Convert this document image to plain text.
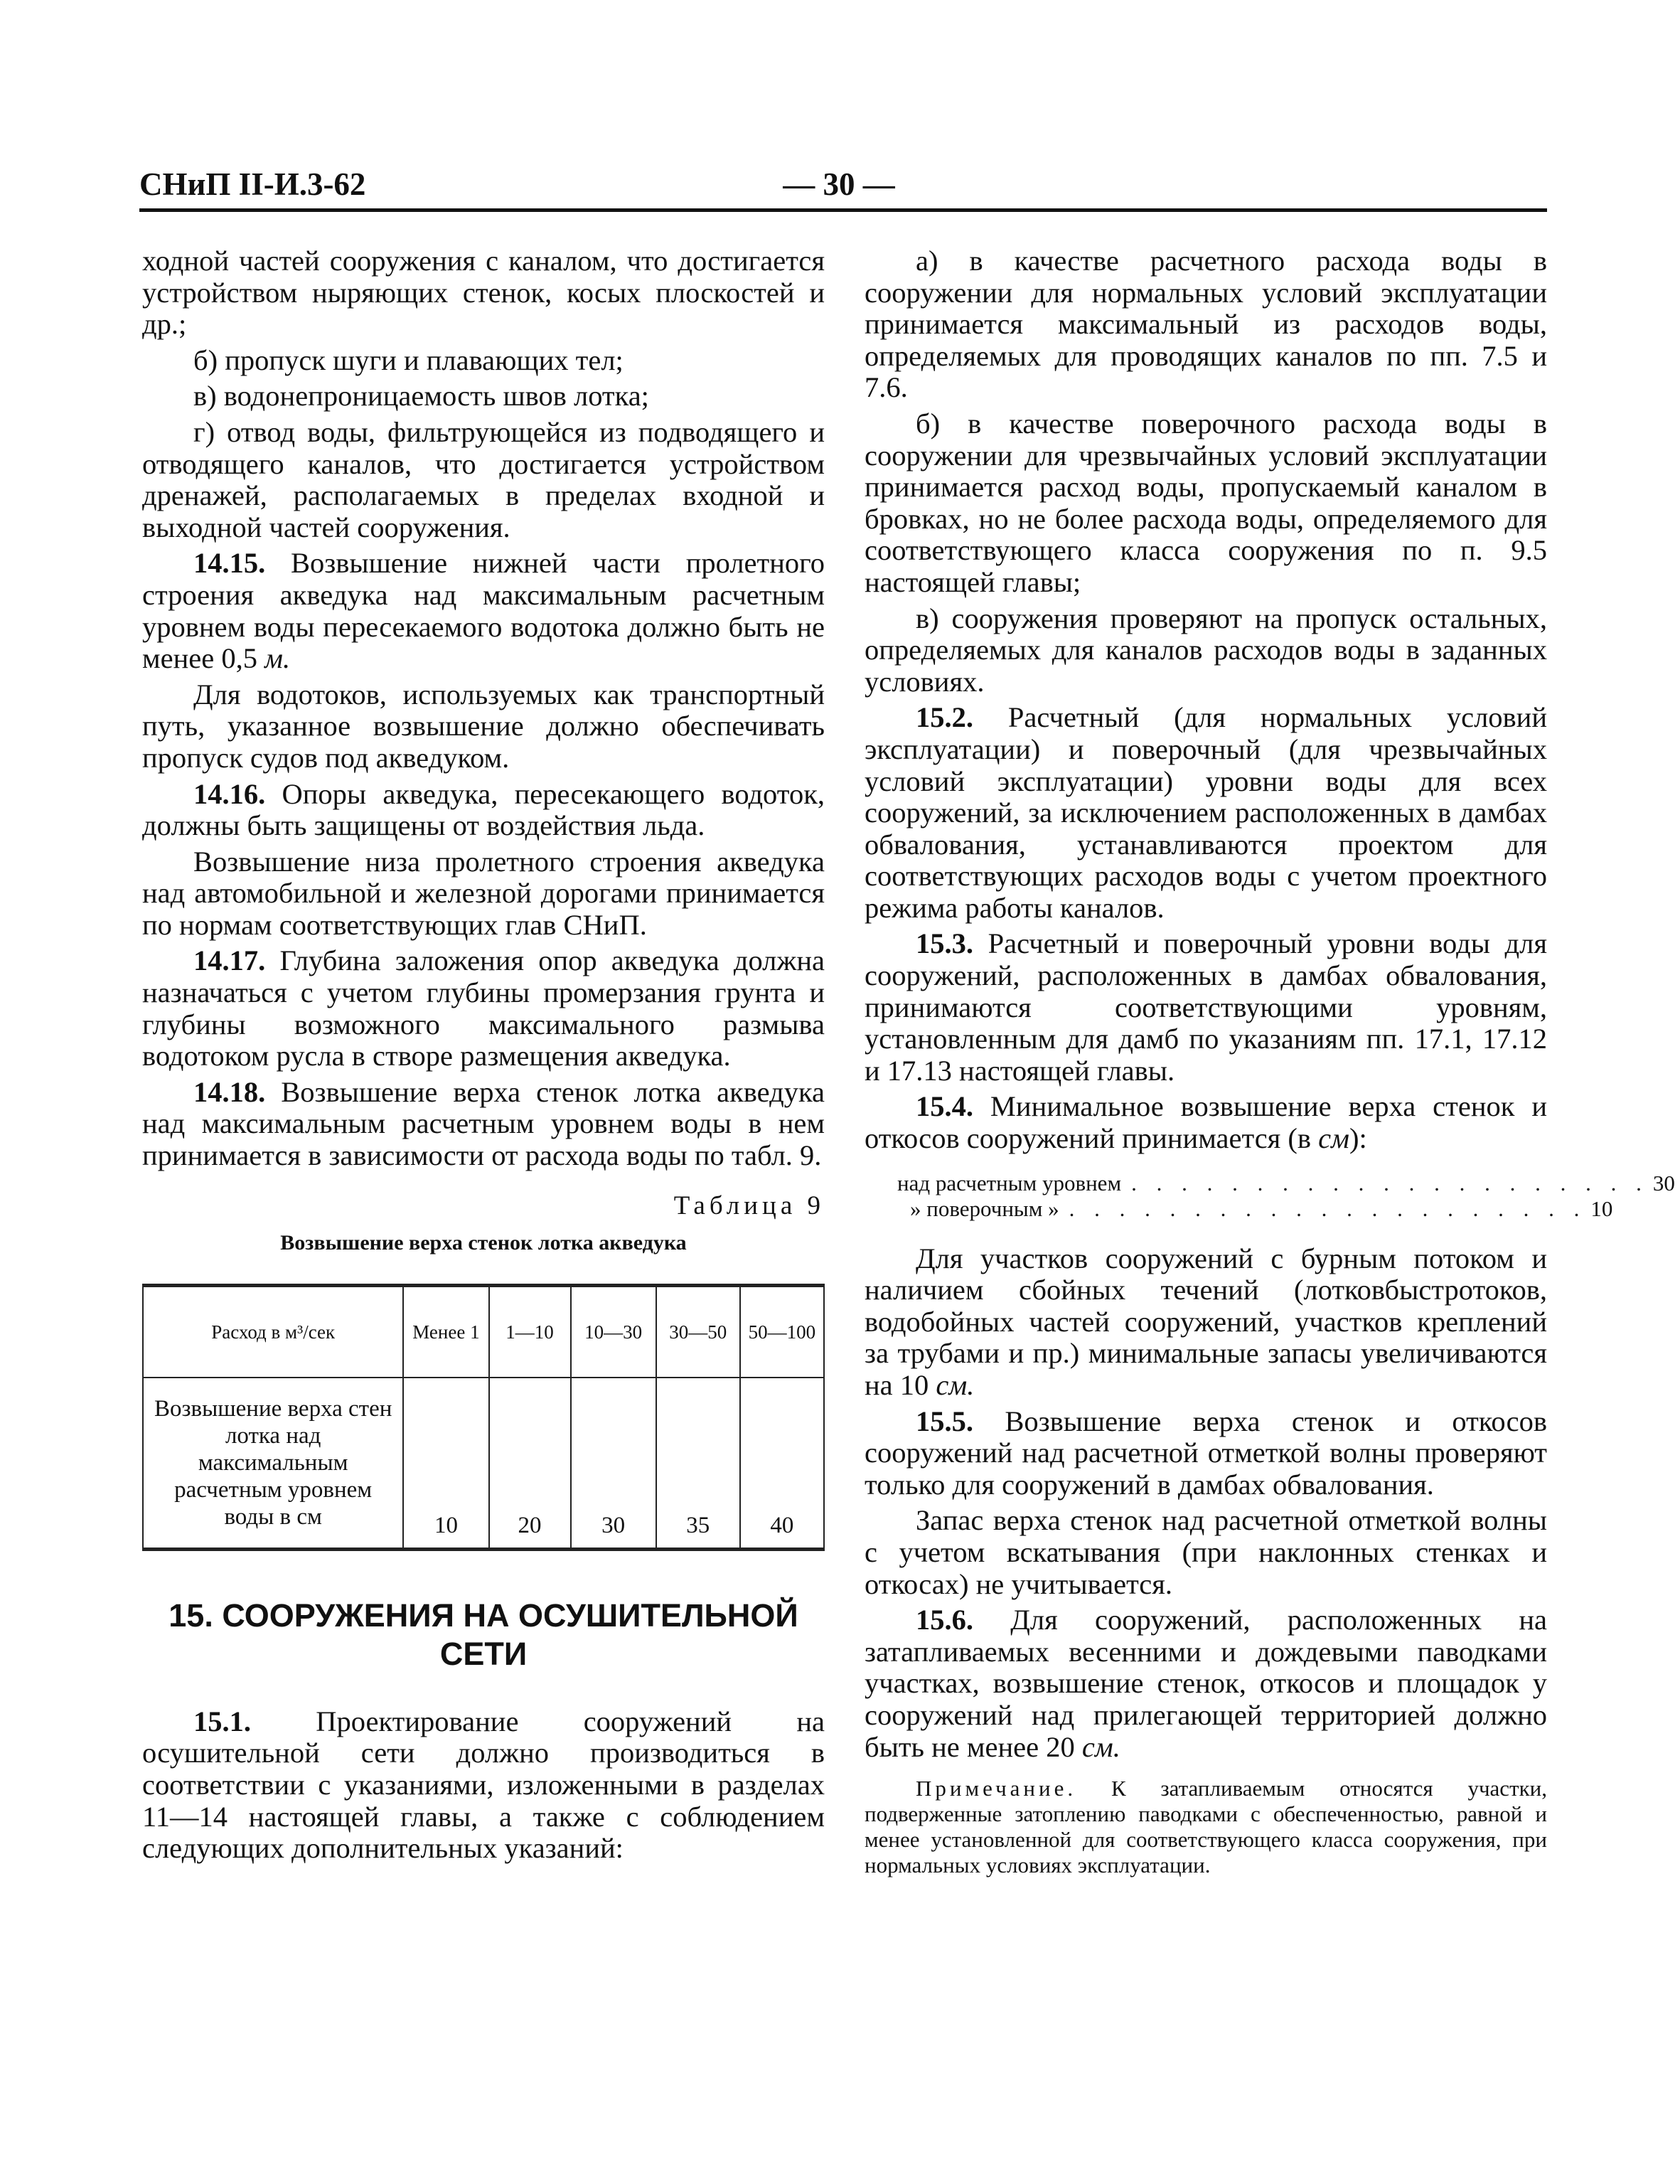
СНиП II-И.3-62	— 30 —

ходной частей сооружения с каналом, что достигается устройством ныряющих стенок, косых плоскостей и др.;

б) пропуск шуги и плавающих тел;

в) водонепроницаемость швов лотка;

г) отвод воды, фильтрующейся из подводящего и отводящего каналов, что достигается устройством дренажей, располагаемых в пределах входной и выходной частей сооружения.

14.15. Возвышение нижней части пролетного строения акведука над максимальным расчетным уровнем воды пересекаемого водотока должно быть не менее 0,5 м.

Для водотоков, используемых как транспортный путь, указанное возвышение должно обеспечивать пропуск судов под акведуком.

14.16. Опоры акведука, пересекающего водоток, должны быть защищены от воздействия льда.

Возвышение низа пролетного строения акведука над автомобильной и железной дорогами принимается по нормам соответствующих глав СНиП.

14.17. Глубина заложения опор акведука должна назначаться с учетом глубины промерзания грунта и глубины возможного максимального размыва водотоком русла в створе размещения акведука.

14.18. Возвышение верха стенок лотка акведука над максимальным расчетным уровнем воды в нем принимается в зависимости от расхода воды по табл. 9.

Таблица 9

Возвышение верха стенок лотка акведука

Расход в м³/сек	Менее 1	1—10	10—30	30—50	50—100
Возвышение верха стен лотка над максимальным расчетным уровнем воды в см	10	20	30	35	40

15. СООРУЖЕНИЯ НА ОСУШИТЕЛЬНОЙ СЕТИ

15.1. Проектирование сооружений на осушительной сети должно производиться в соответствии с указаниями, изложенными в разделах 11—14 настоящей главы, а также с соблюдением следующих дополнительных указаний:

а) в качестве расчетного расхода воды в сооружении для нормальных условий эксплуатации принимается максимальный из расходов воды, определяемых для проводящих каналов по пп. 7.5 и 7.6.

б) в качестве поверочного расхода воды в сооружении для чрезвычайных условий эксплуатации принимается расход воды, пропускаемый каналом в бровках, но не более расхода воды, определяемого для соответствующего класса сооружения по п. 9.5 настоящей главы;

в) сооружения проверяют на пропуск остальных, определяемых для каналов расходов воды в заданных условиях.

15.2. Расчетный (для нормальных условий эксплуатации) и поверочный (для чрезвычайных условий эксплуатации) уровни воды для всех сооружений, за исключением расположенных в дамбах обвалования, устанавливаются проектом для соответствующих расходов воды с учетом проектного режима работы каналов.

15.3. Расчетный и поверочный уровни воды для сооружений, расположенных в дамбах обвалования, принимаются соответствующими уровням, установленным для дамб по указаниям пп. 17.1, 17.12 и 17.13 настоящей главы.

15.4. Минимальное возвышение верха стенок и откосов сооружений принимается (в см):

над расчетным уровнем . . . . . . . . . . . . . . . . . . . . . 30
» поверочным » . . . . . . . . . . . . . . . . . . . . . 10

Для участков сооружений с бурным потоком и наличием сбойных течений (лотковбыстротоков, водобойных частей сооружений, участков креплений за трубами и пр.) минимальные запасы увеличиваются на 10 см.

15.5. Возвышение верха стенок и откосов сооружений над расчетной отметкой волны проверяют только для сооружений в дамбах обвалования.

Запас верха стенок над расчетной отметкой волны с учетом вскатывания (при наклонных стенках и откосах) не учитывается.

15.6. Для сооружений, расположенных на затапливаемых весенними и дождевыми паводками участках, возвышение стенок, откосов и площадок у сооружений над прилегающей территорией должно быть не менее 20 см.

Примечание. К затапливаемым относятся участки, подверженные затоплению паводками с обеспеченностью, равной и менее установленной для соответствующего класса сооружения, при нормальных условиях эксплуатации.
